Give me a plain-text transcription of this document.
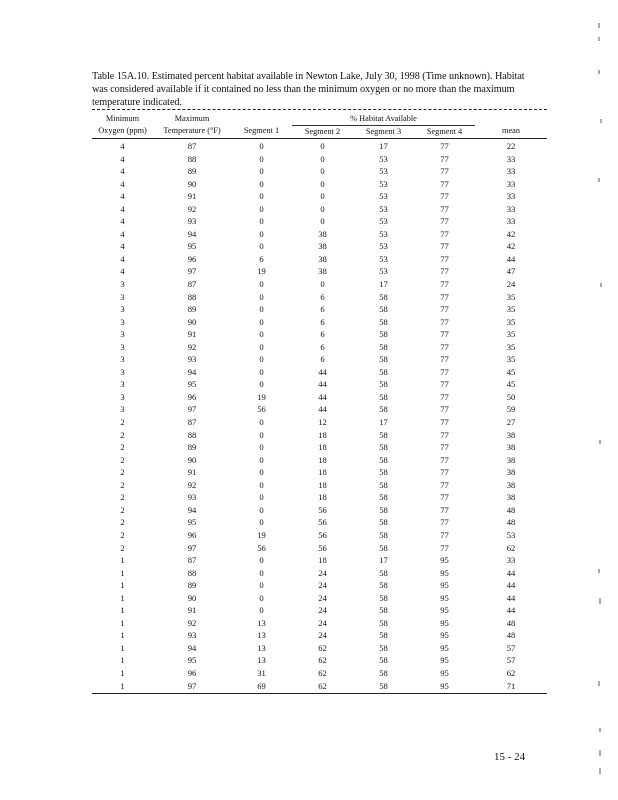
Table 15A.10. Estimated percent habitat available in Newton Lake, July 30, 1998 (Time unknown). Habitat was considered available if it contained no less than the minimum oxygen or no more than the maximum temperature indicated.
Minimum	Maximum		% Habitat Available			
Oxygen (ppm)	Temperature (°F)	Segment 1	Segment 2	Segment 3	Segment 4	mean
4	87	0	0	17	77	22
4	88	0	0	53	77	33
4	89	0	0	53	77	33
4	90	0	0	53	77	33
4	91	0	0	53	77	33
4	92	0	0	53	77	33
4	93	0	0	53	77	33
4	94	0	38	53	77	42
4	95	0	38	53	77	42
4	96	6	38	53	77	44
4	97	19	38	53	77	47
3	87	0	0	17	77	24
3	88	0	6	58	77	35
3	89	0	6	58	77	35
3	90	0	6	58	77	35
3	91	0	6	58	77	35
3	92	0	6	58	77	35
3	93	0	6	58	77	35
3	94	0	44	58	77	45
3	95	0	44	58	77	45
3	96	19	44	58	77	50
3	97	56	44	58	77	59
2	87	0	12	17	77	27
2	88	0	18	58	77	38
2	89	0	18	58	77	38
2	90	0	18	58	77	38
2	91	0	18	58	77	38
2	92	0	18	58	77	38
2	93	0	18	58	77	38
2	94	0	56	58	77	48
2	95	0	56	58	77	48
2	96	19	56	58	77	53
2	97	56	56	58	77	62
1	87	0	18	17	95	33
1	88	0	24	58	95	44
1	89	0	24	58	95	44
1	90	0	24	58	95	44
1	91	0	24	58	95	44
1	92	13	24	58	95	48
1	93	13	24	58	95	48
1	94	13	62	58	95	57
1	95	13	62	58	95	57
1	96	31	62	58	95	62
1	97	69	62	58	95	71
15 - 24
